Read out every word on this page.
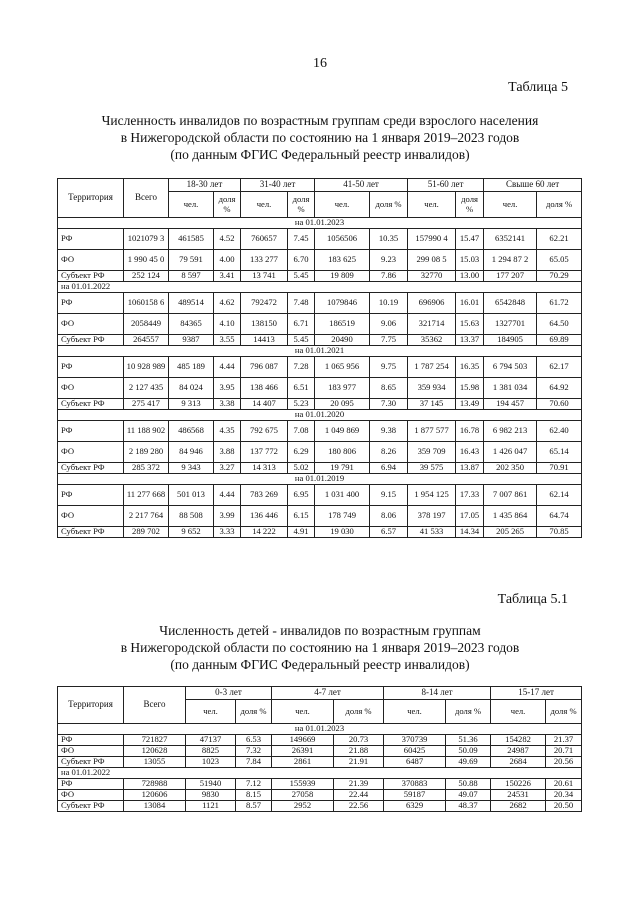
16
Таблица 5
Численность инвалидов по возрастным группам среди взрослого населения
в Нижегородской области по состоянию на 1 января 2019–2023 годов
(по данным ФГИС Федеральный реестр инвалидов)
Территория	Всего	18-30 лет		31-40 лет		41-50 лет		51-60 лет		Свыше 60 лет	
		чел.	доля %	чел.	доля %	чел.	доля %	чел.	доля %	чел.	доля %
на 01.01.2023											
РФ	1021079 3	461585	4.52	760657	7.45	1056506	10.35	157990 4	15.47	6352141	62.21
ФО	1 990 45 0	79 591	4.00	133 277	6.70	183 625	9.23	299 08 5	15.03	1 294 87 2	65.05
Субъект РФ	252 124	8 597	3.41	13 741	5.45	19 809	7.86	32770	13.00	177 207	70.29
на 01.01.2022											
РФ	1060158 6	489514	4.62	792472	7.48	1079846	10.19	696906	16.01	6542848	61.72
ФО	2058449	84365	4.10	138150	6.71	186519	9.06	321714	15.63	1327701	64.50
Субъект РФ	264557	9387	3.55	14413	5.45	20490	7.75	35362	13.37	184905	69.89
на 01.01.2021											
РФ	10 928 989	485 189	4.44	796 087	7.28	1 065 956	9.75	1 787 254	16.35	6 794 503	62.17
ФО	2 127 435	84 024	3.95	138 466	6.51	183 977	8.65	359 934	15.98	1 381 034	64.92
Субъект РФ	275 417	9 313	3.38	14 407	5.23	20 095	7.30	37 145	13.49	194 457	70.60
на 01.01.2020											
РФ	11 188 902	486568	4.35	792 675	7.08	1 049 869	9.38	1 877 577	16.78	6 982 213	62.40
ФО	2 189 280	84 946	3.88	137 772	6.29	180 806	8.26	359 709	16.43	1 426 047	65.14
Субъект РФ	285 372	9 343	3.27	14 313	5.02	19 791	6.94	39 575	13.87	202 350	70.91
на 01.01.2019											
РФ	11 277 668	501 013	4.44	783 269	6.95	1 031 400	9.15	1 954 125	17.33	7 007 861	62.14
ФО	2 217 764	88 508	3.99	136 446	6.15	178 749	8.06	378 197	17.05	1 435 864	64.74
Субъект РФ	289 702	9 652	3.33	14 222	4.91	19 030	6.57	41 533	14.34	205 265	70.85
Таблица 5.1
Численность детей - инвалидов по возрастным группам
в Нижегородской области по состоянию на 1 января 2019–2023 годов
(по данным ФГИС Федеральный реестр инвалидов)
Территория	Всего	0-3 лет		4-7 лет		8-14 лет		15-17 лет	
		чел.	доля %	чел.	доля %	чел.	доля %	чел.	доля %
на 01.01.2023									
РФ	721827	47137	6.53	149669	20.73	370739	51.36	154282	21.37
ФО	120628	8825	7.32	26391	21.88	60425	50.09	24987	20.71
Субъект РФ	13055	1023	7.84	2861	21.91	6487	49.69	2684	20.56
на 01.01.2022									
РФ	728988	51940	7.12	155939	21.39	370883	50.88	150226	20.61
ФО	120606	9830	8.15	27058	22.44	59187	49.07	24531	20.34
Субъект РФ	13084	1121	8.57	2952	22.56	6329	48.37	2682	20.50
